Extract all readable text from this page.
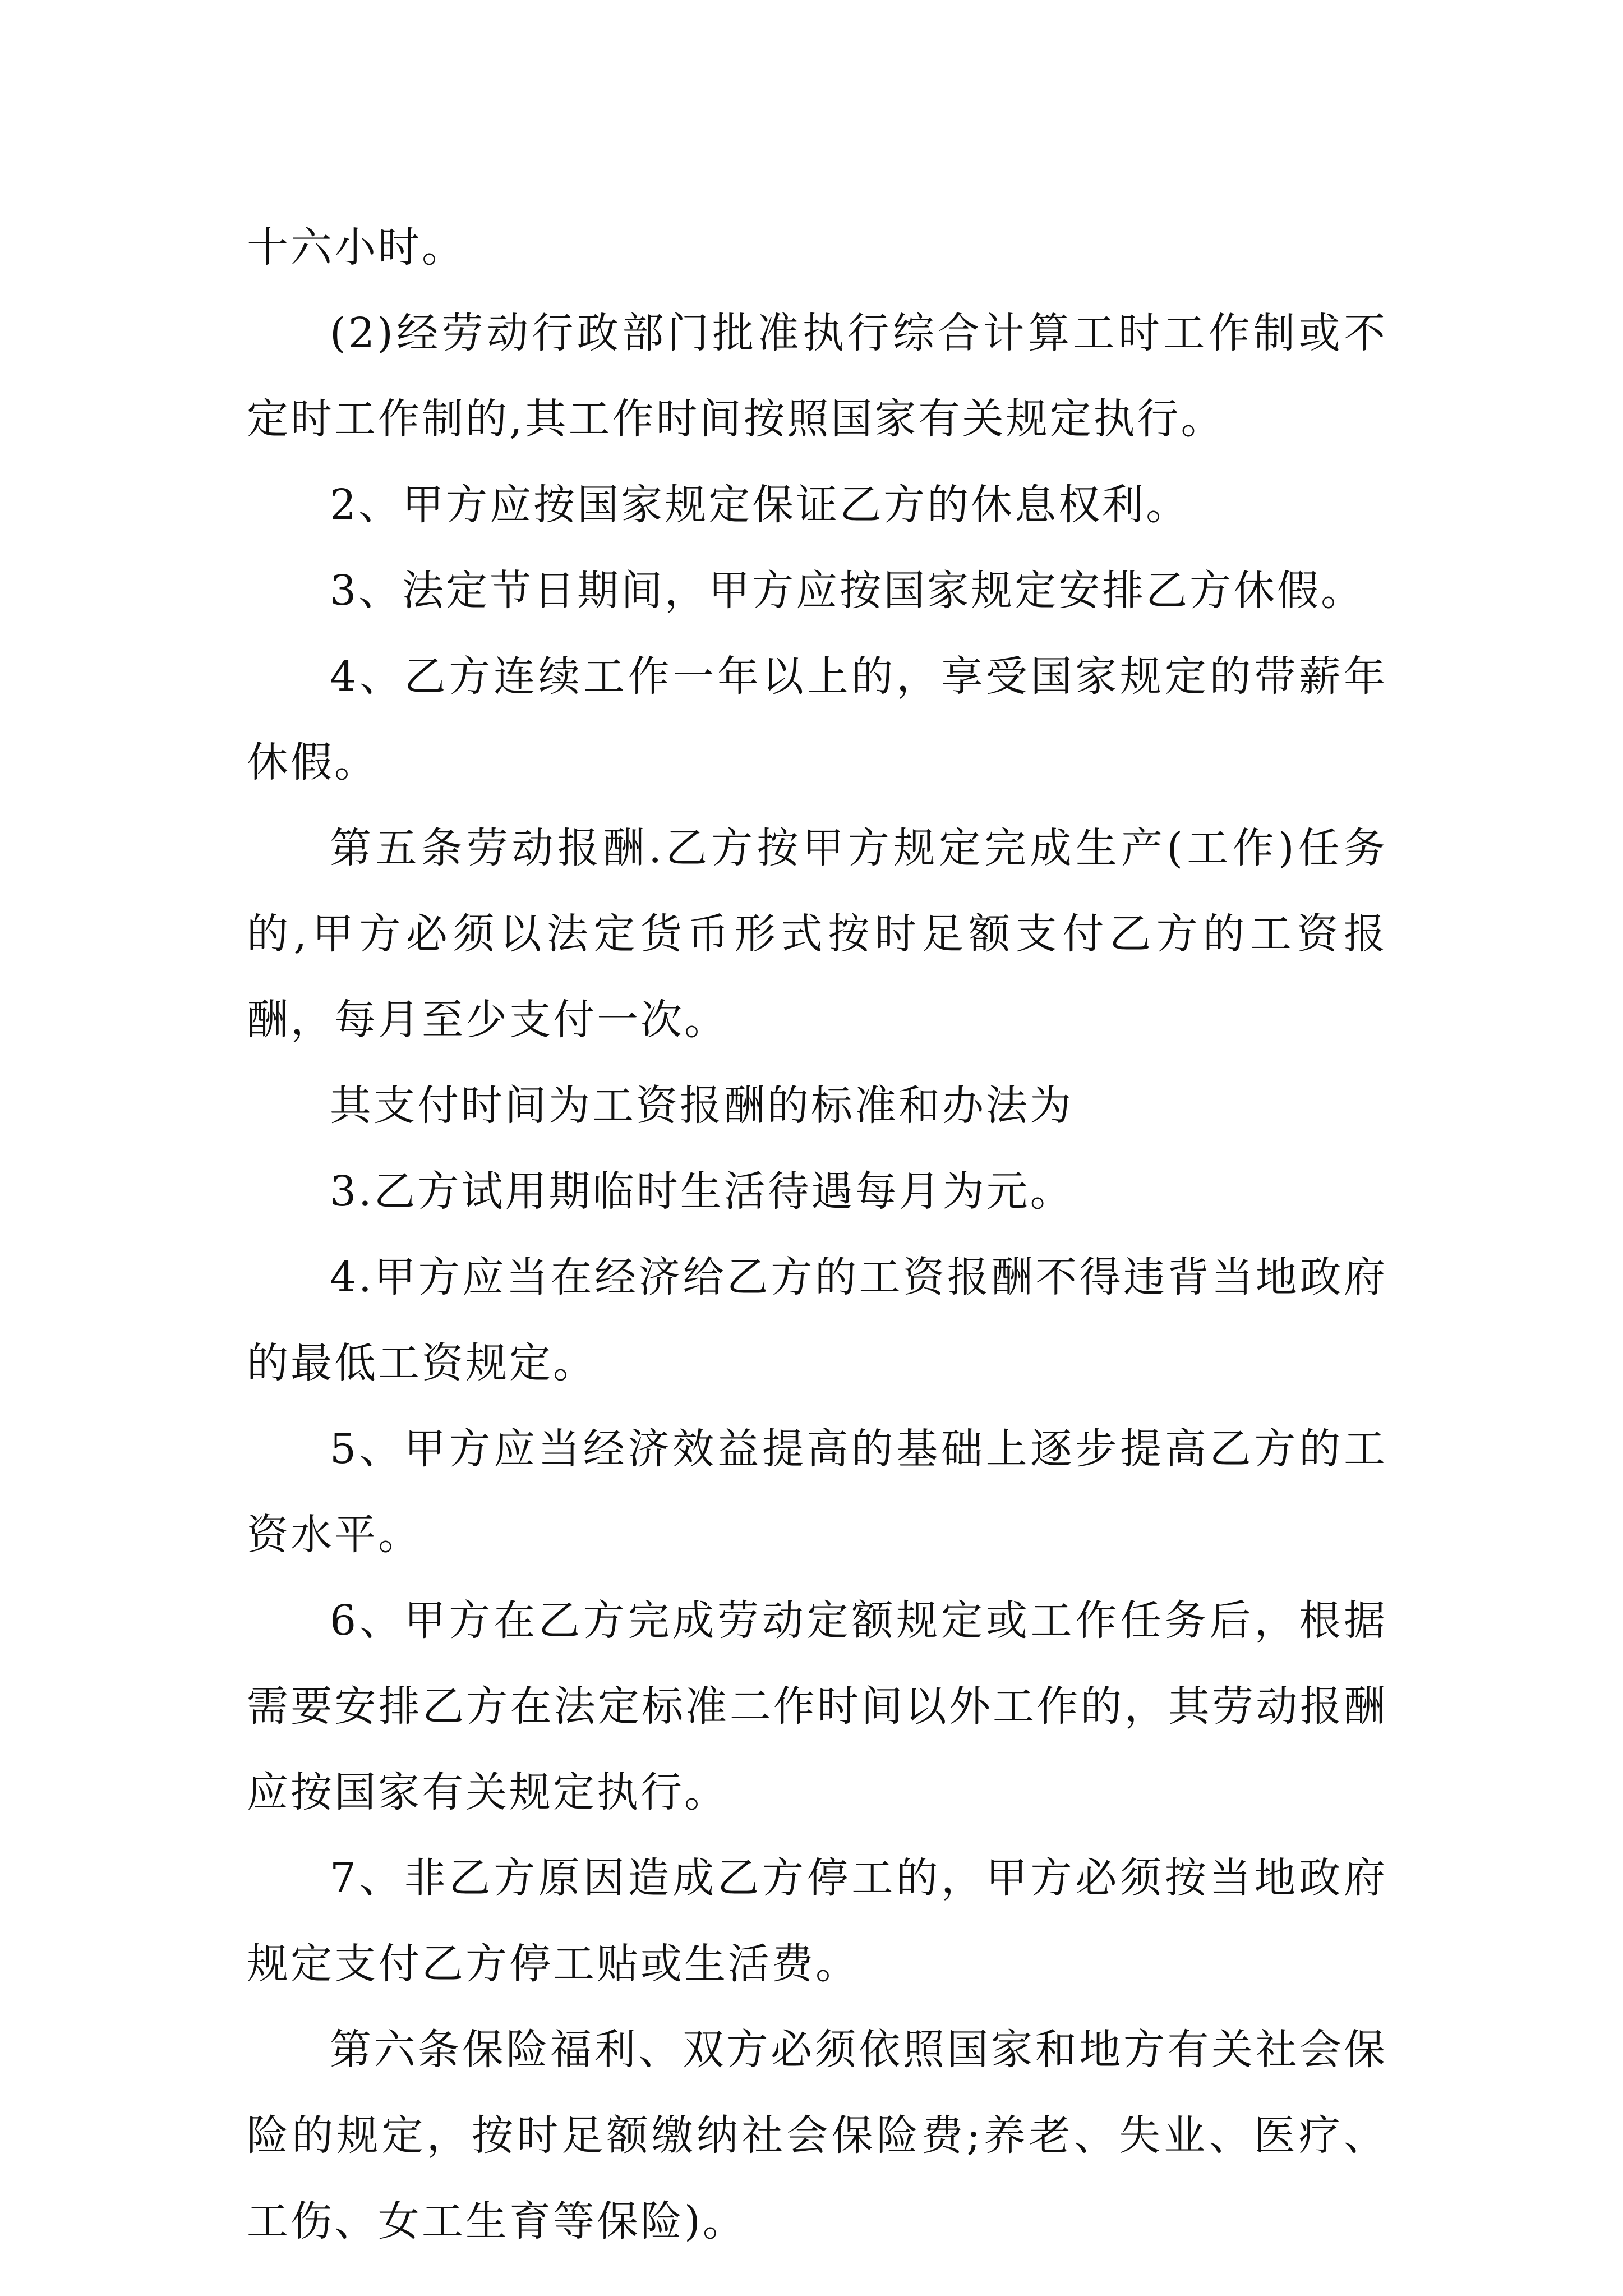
十六小时。

(2)经劳动行政部门批准执行综合计算工时工作制或不定时工作制的,其工作时间按照国家有关规定执行。

2、甲方应按国家规定保证乙方的休息权利。

3、法定节日期间，甲方应按国家规定安排乙方休假。

4、乙方连续工作一年以上的，享受国家规定的带薪年休假。

第五条劳动报酬.乙方按甲方规定完成生产(工作)任务的,甲方必须以法定货币形式按时足额支付乙方的工资报酬，每月至少支付一次。

其支付时间为工资报酬的标准和办法为

3.乙方试用期临时生活待遇每月为元。

4.甲方应当在经济给乙方的工资报酬不得违背当地政府的最低工资规定。

5、甲方应当经济效益提高的基础上逐步提高乙方的工资水平。

6、甲方在乙方完成劳动定额规定或工作任务后，根据需要安排乙方在法定标准二作时间以外工作的，其劳动报酬应按国家有关规定执行。

7、非乙方原因造成乙方停工的，甲方必须按当地政府规定支付乙方停工贴或生活费。

第六条保险福利、双方必须依照国家和地方有关社会保险的规定，按时足额缴纳社会保险费;养老、失业、医疗、工伤、女工生育等保险)。
